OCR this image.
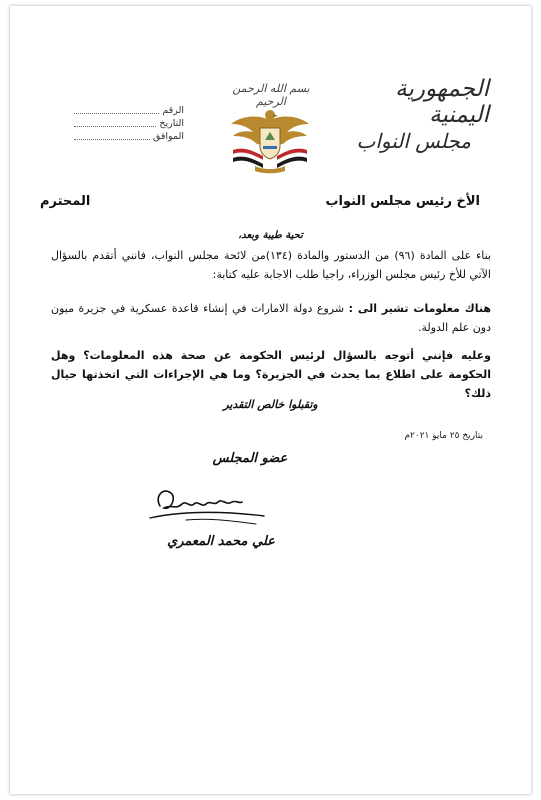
الجمهورية اليمنية
مجلس النواب
بسم الله الرحمن الرحيم
الرقم
التاريخ
الموافق
المحترم	الأخ رئيس مجلس النواب
تحية طيبة وبعد،
بناء على المادة (٩٦) من الدستور والمادة (١٣٤)من لائحة مجلس النواب، فانني أتقدم بالسؤال الآتي للأخ رئيس مجلس الوزراء، راجيا طلب الاجابة عليه كتابة:
هناك معلومات تشير الى : شروع دولة الامارات في إنشاء قاعدة عسكرية في جزيرة ميون دون علم الدولة.
وعليه فإنني أتوجه بالسؤال لرئيس الحكومة عن صحة هذه المعلومات؟ وهل الحكومة على اطلاع بما يحدث في الجزيرة؟ وما هي الإجراءات التي اتخذتها حيال ذلك؟
وتقبلوا خالص التقدير
بتاريخ ٢٥ مايو ٢٠٢١م
عضو المجلس
علي محمد المعمري
